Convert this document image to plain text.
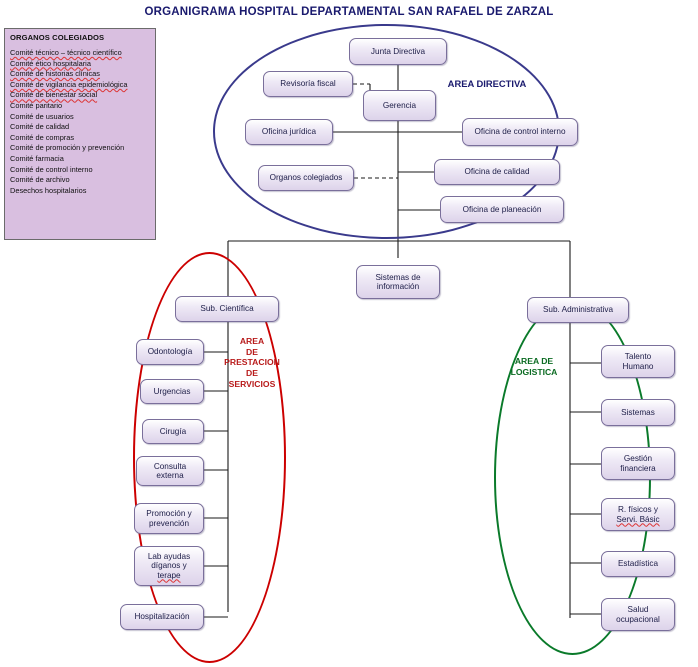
ORGANIGRAMA HOSPITAL DEPARTAMENTAL SAN RAFAEL DE ZARZAL
ORGANOS COLEGIADOS
Comité técnico – técnico científico
Comité ético hospitalaria
Comité de historias clínicas
Comité de vigilancia epidemiológica
Comité de bienestar social
Comité paritario
Comité de usuarios
Comité de calidad
Comité de compras
Comité de promoción y prevención
Comité farmacia
Comité de control interno
Comité de archivo
Desechos hospitalarios
AREA DIRECTIVA
AREA
DE
PRESTACION
DE
SERVICIOS
AREA DE
LOGISTICA
Junta Directiva
Revisoría fiscal
Gerencia
Oficina jurídica	Oficina de control interno
Organos colegiados
Oficina de calidad
Oficina de planeación
Sistemas de
información
Sub. Científica
Odontología
Urgencias
Cirugía
Consulta
externa
Promoción y
prevención
Lab ayudas
díganos y
terape
Hospitalización
Sub. Administrativa
Talento
Humano
Sistemas
Gestión
financiera
R. físicos y
Servi. Básic
Estadística
Salud
ocupacional
